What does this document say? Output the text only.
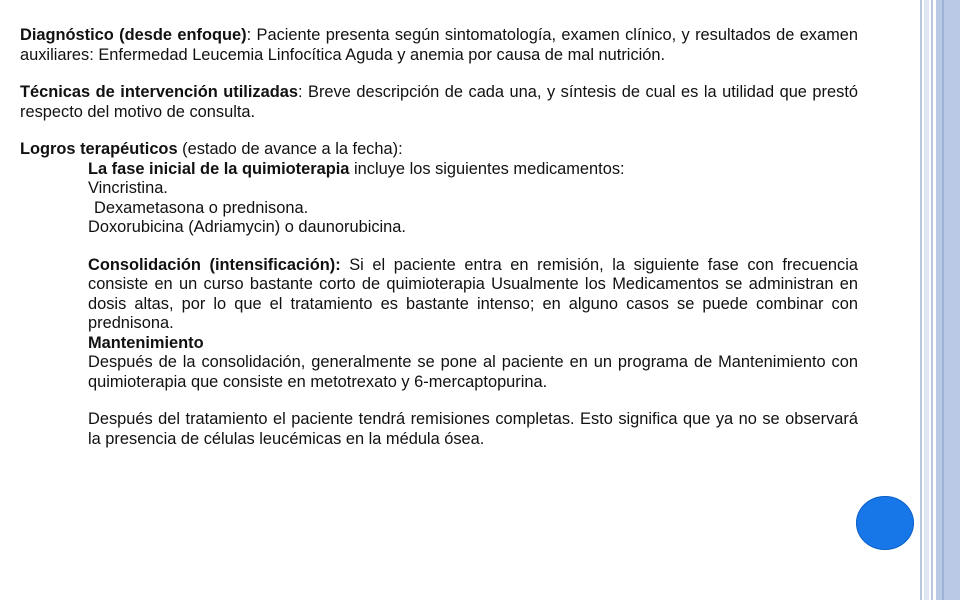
Diagnóstico (desde enfoque): Paciente presenta según sintomatología, examen clínico, y resultados de examen auxiliares: Enfermedad Leucemia Linfocítica Aguda y anemia por causa de mal nutrición.

Técnicas de intervención utilizadas: Breve descripción de cada una, y síntesis de cual es la utilidad que prestó respecto del motivo de consulta.

Logros terapéuticos (estado de avance a la fecha):

La fase inicial de la quimioterapia incluye los siguientes medicamentos:

Vincristina.

Dexametasona o prednisona.

Doxorubicina (Adriamycin) o daunorubicina.

Consolidación (intensificación): Si el paciente entra en remisión, la siguiente fase con frecuencia consiste en un curso bastante corto de quimioterapia Usualmente los Medicamentos se administran en dosis altas, por lo que el tratamiento es bastante intenso; en alguno casos se puede combinar con prednisona.

Mantenimiento

Después de la consolidación, generalmente se pone al paciente en un programa de Mantenimiento con quimioterapia que consiste en metotrexato y 6-mercaptopurina.

Después del tratamiento el paciente tendrá remisiones completas. Esto significa que ya no se observará la presencia de células leucémicas en la médula ósea.
